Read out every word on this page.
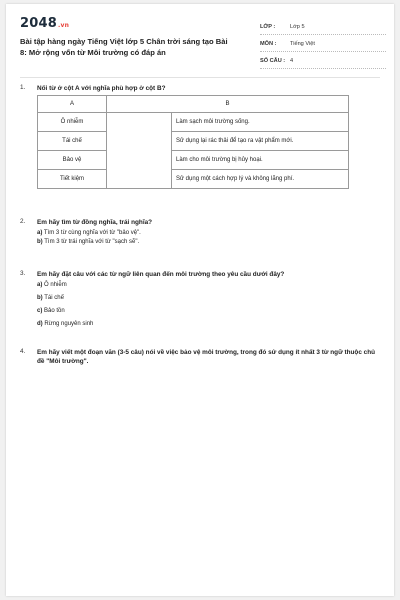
2048.vn
Bài tập hàng ngày Tiếng Việt lớp 5 Chân trời sáng tạo Bài 8: Mở rộng vốn từ Môi trường có đáp án
LỚP :	Lớp 5
MÔN : Tiếng Việt
SỐ CÂU : 4
1. Nối từ ở cột A với nghĩa phù hợp ở cột B?
A	B	
Ô nhiễm		Làm sạch môi trường sống.
Tái chế		Sử dụng lại rác thải để tạo ra vật phẩm mới.
Bảo vệ		Làm cho môi trường bị hủy hoại.
Tiết kiệm		Sử dụng một cách hợp lý và không lãng phí.
2. Em hãy tìm từ đồng nghĩa, trái nghĩa?
a) Tìm 3 từ cùng nghĩa với từ "bảo vệ".
b) Tìm 3 từ trái nghĩa với từ "sạch sẽ".
3. Em hãy đặt câu với các từ ngữ liên quan đến môi trường theo yêu cầu dưới đây?
a) Ô nhiễm
b) Tái chế
c) Bảo tồn
d) Rừng nguyên sinh
4. Em hãy viết một đoạn văn (3-5 câu) nói về việc bảo vệ môi trường, trong đó sử dụng ít nhất 3 từ ngữ thuộc chủ đề "Môi trường".
